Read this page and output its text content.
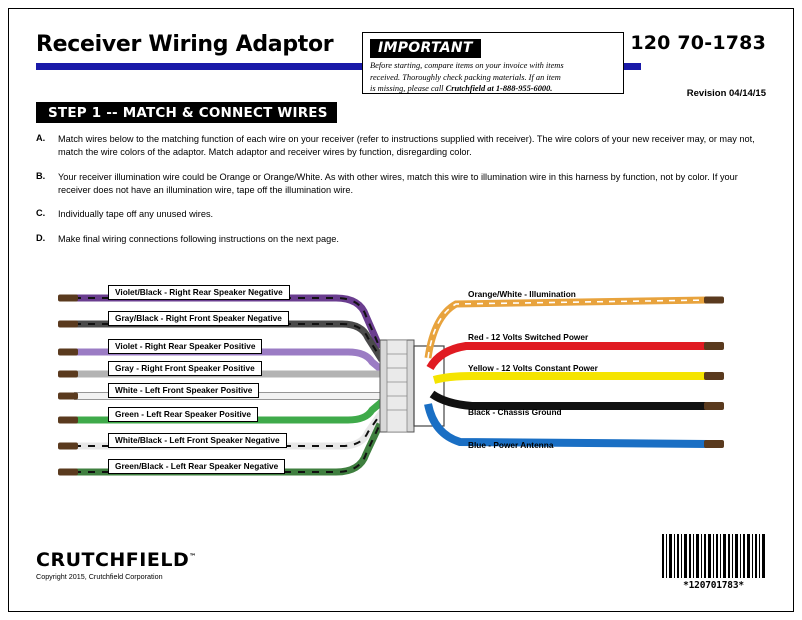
Receiver Wiring Adaptor	120 70-1783
Revision 04/14/15
IMPORTANT
Before starting, compare items on your invoice with items
received. Thoroughly check packing materials. If an item
is missing, please call Crutchfield at 1-888-955-6000.
STEP 1 -- MATCH & CONNECT WIRES
A.	Match wires below to the matching function of each wire on your receiver (refer to instructions supplied with receiver). The wire colors of your new receiver may, or may not, match the wire colors of the adaptor. Match adaptor and receiver wires by function, disregarding color.
B.	Your receiver illumination wire could be Orange or Orange/White. As with other wires, match this wire to illumination wire in this harness by function, not by color. If your receiver does not have an illumination wire, tape off the illumination wire.
C.	Individually tape off any unused wires.
D.	Make final wiring connections following instructions on the next page.
Violet/Black - Right Rear Speaker Negative
Gray/Black - Right Front Speaker Negative
Violet - Right Rear Speaker Positive
Gray - Right Front Speaker Positive
White - Left Front Speaker Positive
Green - Left Rear Speaker Positive
White/Black - Left Front Speaker Negative
Green/Black - Left Rear Speaker Negative
Orange/White - Illumination
Red - 12 Volts Switched Power
Yellow - 12 Volts Constant Power
Black - Chassis Ground
Blue - Power Antenna
CRUTCHFIELD™
Copyright 2015, Crutchfield Corporation
*120701783*
